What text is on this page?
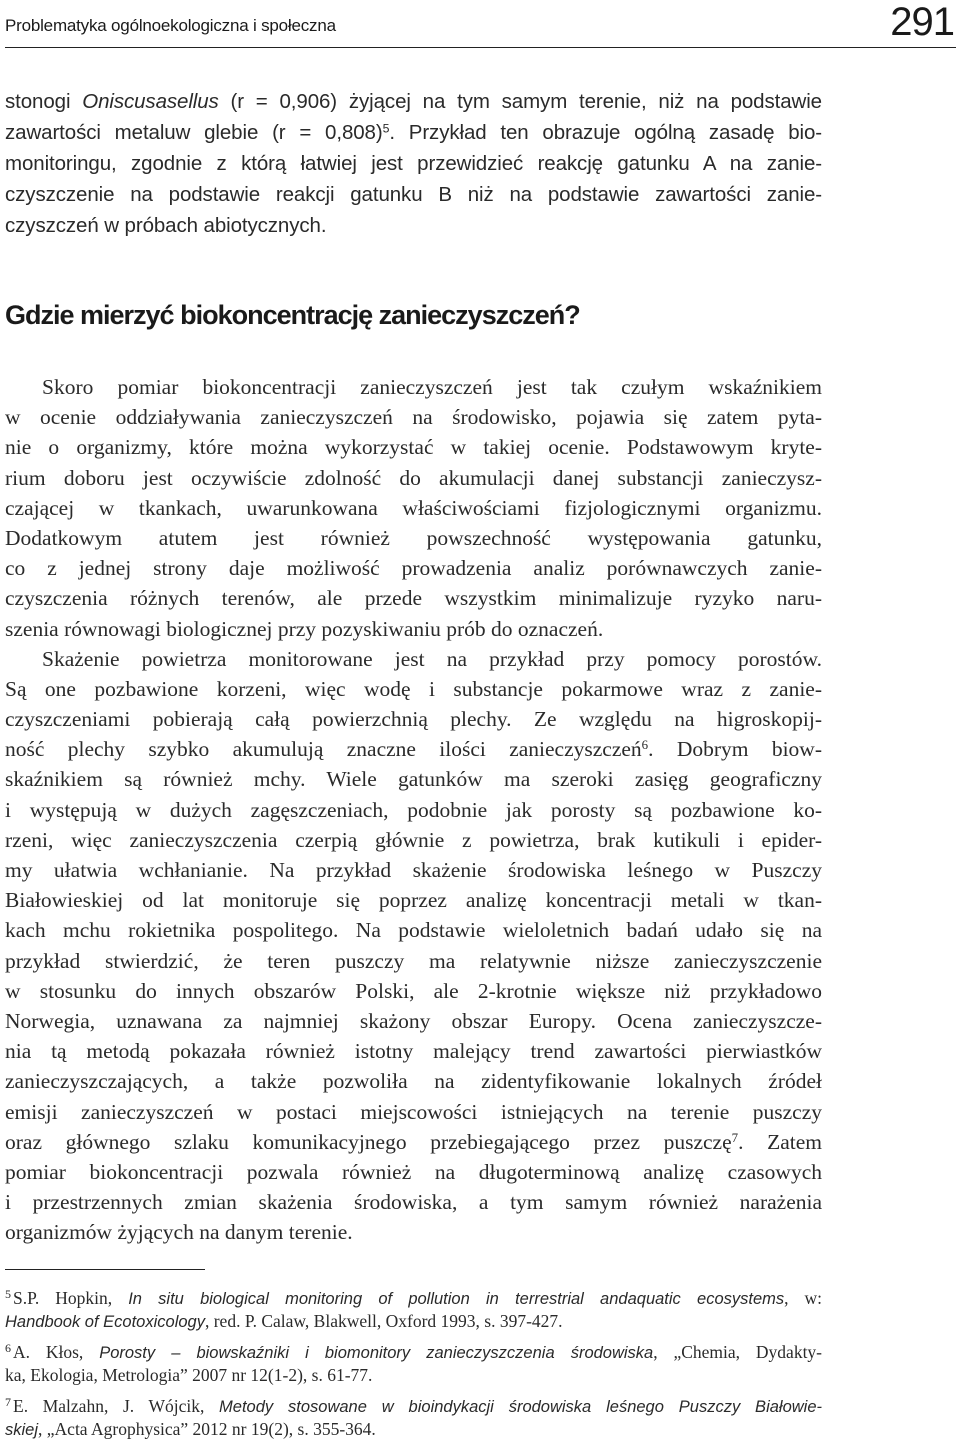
Problematyka ogólnoekologiczna i społeczna	291
stonogi Oniscusasellus (r = 0,906) żyjącej na tym samym terenie, niż na podstawie
zawartości metaluw glebie (r = 0,808)$^5$. Przykład ten obrazuje ogólną zasadę bio-
monitoringu, zgodnie z którą łatwiej jest przewidzieć reakcję gatunku A na zanie-
czyszczenie na podstawie reakcji gatunku B niż na podstawie zawartości zanie-
czyszczeń w próbach abiotycznych.
Gdzie mierzyć biokoncentrację zanieczyszczeń?
Skoro pomiar biokoncentracji zanieczyszczeń jest tak czułym wskaźnikiem
w ocenie oddziaływania zanieczyszczeń na środowisko, pojawia się zatem pyta-
nie o organizmy, które można wykorzystać w takiej ocenie. Podstawowym kryte-
rium doboru jest oczywiście zdolność do akumulacji danej substancji zanieczysz-
czającej w tkankach, uwarunkowana właściwościami fizjologicznymi organizmu.
Dodatkowym atutem jest również powszechność występowania gatunku,
co z jednej strony daje możliwość prowadzenia analiz porównawczych zanie-
czyszczenia różnych terenów, ale przede wszystkim minimalizuje ryzyko naru-
szenia równowagi biologicznej przy pozyskiwaniu prób do oznaczeń.
Skażenie powietrza monitorowane jest na przykład przy pomocy porostów.
Są one pozbawione korzeni, więc wodę i substancje pokarmowe wraz z zanie-
czyszczeniami pobierają całą powierzchnią plechy. Ze względu na higroskopij-
ność plechy szybko akumulują znaczne ilości zanieczyszczeń$^6$. Dobrym biow-
skaźnikiem są również mchy. Wiele gatunków ma szeroki zasięg geograficzny
i występują w dużych zagęszczeniach, podobnie jak porosty są pozbawione ko-
rzeni, więc zanieczyszczenia czerpią głównie z powietrza, brak kutikuli i epider-
my ułatwia wchłanianie. Na przykład skażenie środowiska leśnego w Puszczy
Białowieskiej od lat monitoruje się poprzez analizę koncentracji metali w tkan-
kach mchu rokietnika pospolitego. Na podstawie wieloletnich badań udało się na
przykład stwierdzić, że teren puszczy ma relatywnie niższe zanieczyszczenie
w stosunku do innych obszarów Polski, ale 2-krotnie większe niż przykładowo
Norwegia, uznawana za najmniej skażony obszar Europy. Ocena zanieczyszcze-
nia tą metodą pokazała również istotny malejący trend zawartości pierwiastków
zanieczyszczających, a także pozwoliła na zidentyfikowanie lokalnych źródeł
emisji zanieczyszczeń w postaci miejscowości istniejących na terenie puszczy
oraz głównego szlaku komunikacyjnego przebiegającego przez puszczę$^7$. Zatem
pomiar biokoncentracji pozwala również na długoterminową analizę czasowych
i przestrzennych zmian skażenia środowiska, a tym samym również narażenia
organizmów żyjących na danym terenie.
$^5$ S.P. Hopkin, In situ biological monitoring of pollution in terrestrial andaquatic ecosystems, w:
Handbook of Ecotoxicology, red. P. Calaw, Blakwell, Oxford 1993, s. 397-427.
$^6$ A. Kłos, Porosty – biowskaźniki i biomonitory zanieczyszczenia środowiska, „Chemia, Dydakty-
ka, Ekologia, Metrologia” 2007 nr 12(1-2), s. 61-77.
$^7$ E. Malzahn, J. Wójcik, Metody stosowane w bioindykacji środowiska leśnego Puszczy Białowie-
skiej, „Acta Agrophysica” 2012 nr 19(2), s. 355-364.
